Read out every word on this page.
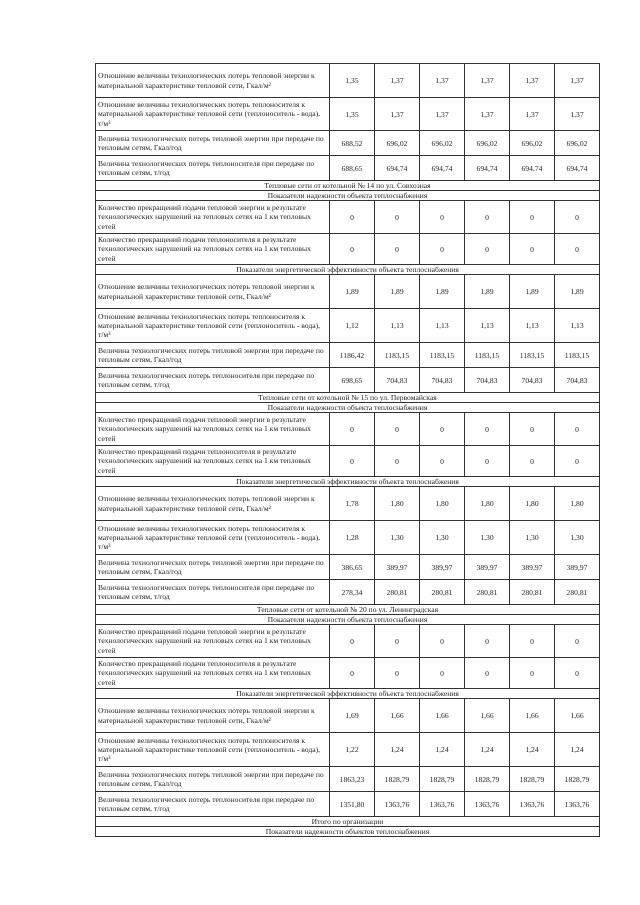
Отношение величины технологических потерь тепловой энергии к материальной характеристике тепловой сети, Гкал/м²	1,35	1,37	1,37	1,37	1,37	1,37
Отношение величины технологических потерь теплоносителя к материальной характеристике тепловой сети (теплоноситель - вода), т/м³	1,35	1,37	1,37	1,37	1,37	1,37
Величина технологических потерь тепловой энергии при передаче по тепловым сетям, Гкал/год	688,52	696,02	696,02	696,02	696,02	696,02
Величина технологических потерь теплоносителя при передаче по тепловым сетям, т/год	688,65	694,74	694,74	694,74	694,74	694,74
Тепловые сети от котельной № 14 по ул. Совхозная						
Показатели надежности объекта теплоснабжения						
Количество прекращений подачи тепловой энергии в результате технологических нарушений на тепловых сетях на 1 км тепловых сетей	0	0	0	0	0	0
Количество прекращений подачи теплоносителя в результате технологических нарушений на тепловых сетях на 1 км тепловых сетей	0	0	0	0	0	0
Показатели энергетической эффективности объекта теплоснабжения						
Отношение величины технологических потерь тепловой энергии к материальной характеристике тепловой сети, Гкал/м²	1,89	1,89	1,89	1,89	1,89	1,89
Отношение величины технологических потерь теплоносителя к материальной характеристике тепловой сети (теплоноситель - вода), т/м³	1,12	1,13	1,13	1,13	1,13	1,13
Величина технологических потерь тепловой энергии при передаче по тепловым сетям, Гкал/год	1186,42	1183,15	1183,15	1183,15	1183,15	1183,15
Величина технологических потерь теплоносителя при передаче по тепловым сетям, т/год	698,65	704,83	704,83	704,83	704,83	704,83
Тепловые сети от котельной № 15 по ул. Первомайская						
Показатели надежности объекта теплоснабжения						
Количество прекращений подачи тепловой энергии в результате технологических нарушений на тепловых сетях на 1 км тепловых сетей	0	0	0	0	0	0
Количество прекращений подачи теплоносителя в результате технологических нарушений на тепловых сетях на 1 км тепловых сетей	0	0	0	0	0	0
Показатели энергетической эффективности объекта теплоснабжения						
Отношение величины технологических потерь тепловой энергии к материальной характеристике тепловой сети, Гкал/м²	1,78	1,80	1,80	1,80	1,80	1,80
Отношение величины технологических потерь теплоносителя к материальной характеристике тепловой сети (теплоноситель - вода), т/м³	1,28	1,30	1,30	1,30	1,30	1,30
Величина технологических потерь тепловой энергии при передаче по тепловым сетям, Гкал/год	386,65	389,97	389,97	389,97	389,97	389,97
Величина технологических потерь теплоносителя при передаче по тепловым сетям, т/год	278,34	280,81	280,81	280,81	280,81	280,81
Тепловые сети от котельной № 20 по ул. Ленинградская						
Показатели надежности объекта теплоснабжения						
Количество прекращений подачи тепловой энергии в результате технологических нарушений на тепловых сетях на 1 км тепловых сетей	0	0	0	0	0	0
Количество прекращений подачи теплоносителя в результате технологических нарушений на тепловых сетях на 1 км тепловых сетей	0	0	0	0	0	0
Показатели энергетической эффективности объекта теплоснабжения						
Отношение величины технологических потерь тепловой энергии к материальной характеристике тепловой сети, Гкал/м²	1,69	1,66	1,66	1,66	1,66	1,66
Отношение величины технологических потерь теплоносителя к материальной характеристике тепловой сети (теплоноситель - вода), т/м³	1,22	1,24	1,24	1,24	1,24	1,24
Величина технологических потерь тепловой энергии при передаче по тепловым сетям, Гкал/год	1863,23	1828,79	1828,79	1828,79	1828,79	1828,79
Величина технологических потерь теплоносителя при передаче по тепловым сетям, т/год	1351,80	1363,76	1363,76	1363,76	1363,76	1363,76
Итого по организации						
Показатели надежности объектов теплоснабжения						
